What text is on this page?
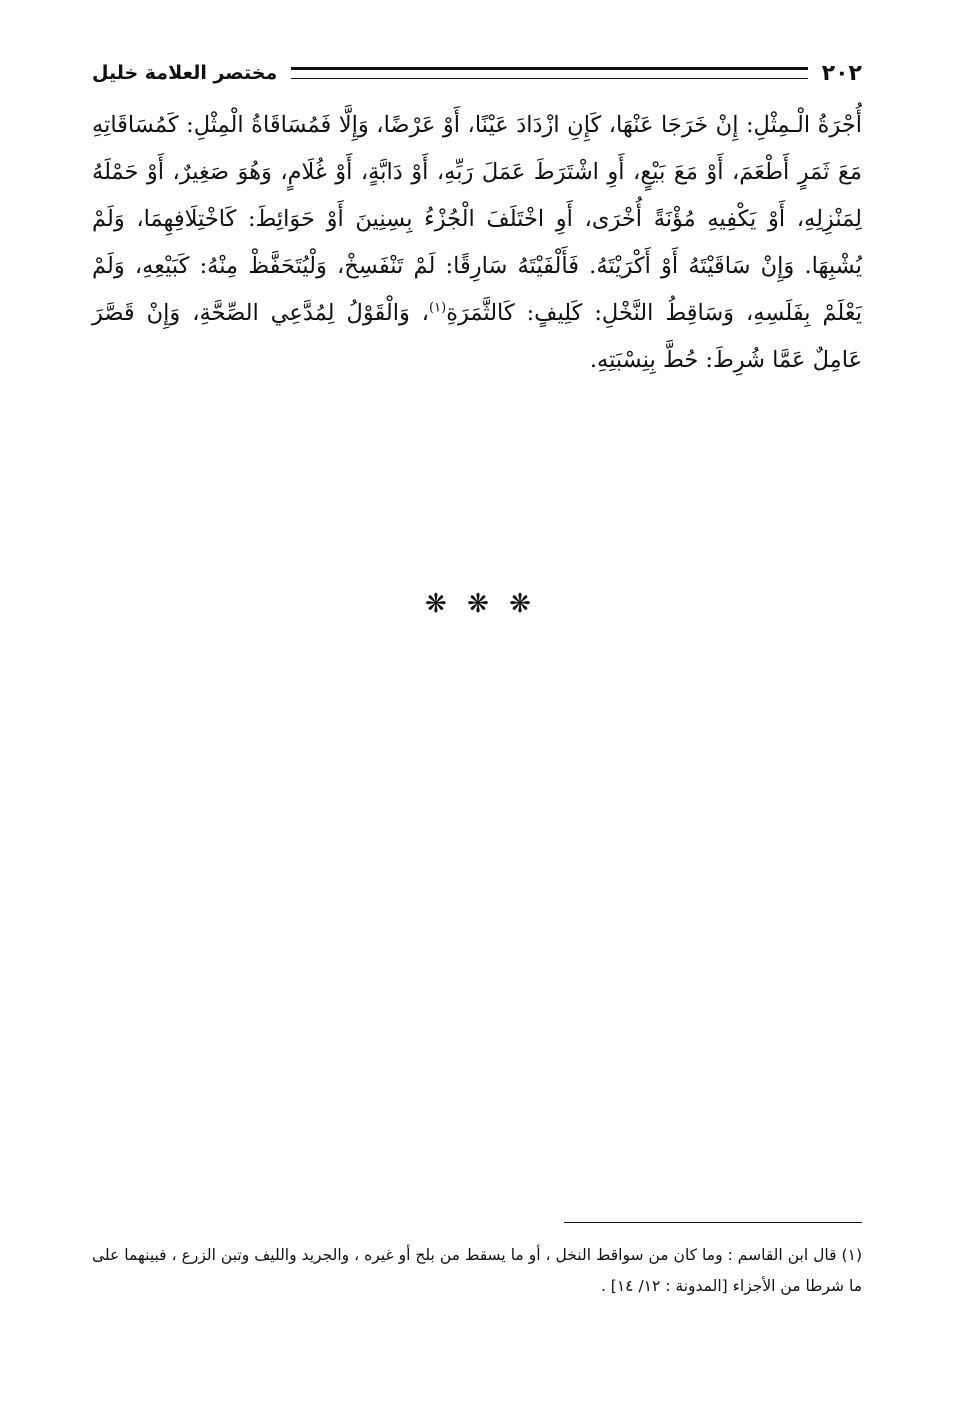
٢٠٢
مختصر العلامة خليل
أُجْرَةُ الْـمِثْلِ: إِنْ خَرَجَا عَنْهَا، كَإِنِ ازْدَادَ عَيْنًا، أَوْ عَرْضًا، وَإِلَّا فَمُسَاقَاةُ الْمِثْلِ: كَمُسَاقَاتِهِ مَعَ ثَمَرٍ أَطْعَمَ، أَوْ مَعَ بَيْعٍ، أَوِ اشْتَرَطَ عَمَلَ رَبِّهِ، أَوْ دَابَّةٍ، أَوْ غُلَامٍ، وَهُوَ صَغِيرٌ، أَوْ حَمْلَهُ لِمَنْزِلِهِ، أَوْ يَكْفِيهِ مُؤْنَةً أُخْرَى، أَوِ اخْتَلَفَ الْجُزْءُ بِسِنِينَ أَوْ حَوَائِطَ: كَاخْتِلَافِهِمَا، وَلَمْ يُشْبِهَا. وَإِنْ سَاقَيْتَهُ أَوْ أَكْرَيْتَهُ. فَأَلْفَيْتَهُ سَارِقًا: لَمْ تَنْفَسِخْ، وَلْيُتَحَفَّظْ مِنْهُ: كَبَيْعِهِ، وَلَمْ يَعْلَمْ بِفَلَسِهِ، وَسَاقِطُ النَّخْلِ: كَلِيفٍ: كَالثَّمَرَةِ$^{(١)}$، وَالْقَوْلُ لِمُدَّعِي الصِّحَّةِ، وَإِنْ قَصَّرَ عَامِلٌ عَمَّا شُرِطَ: حُطَّ بِنِسْبَتِهِ.
❋ ❋ ❋
(١) قال ابن القاسم : وما كان من سواقط النخل ، أو ما يسقط من بلح أو غيره ، والجريد والليف وتبن الزرع ، فبينهما على ما شرطا من الأجزاء [المدونة : ١٢/ ١٤] .
